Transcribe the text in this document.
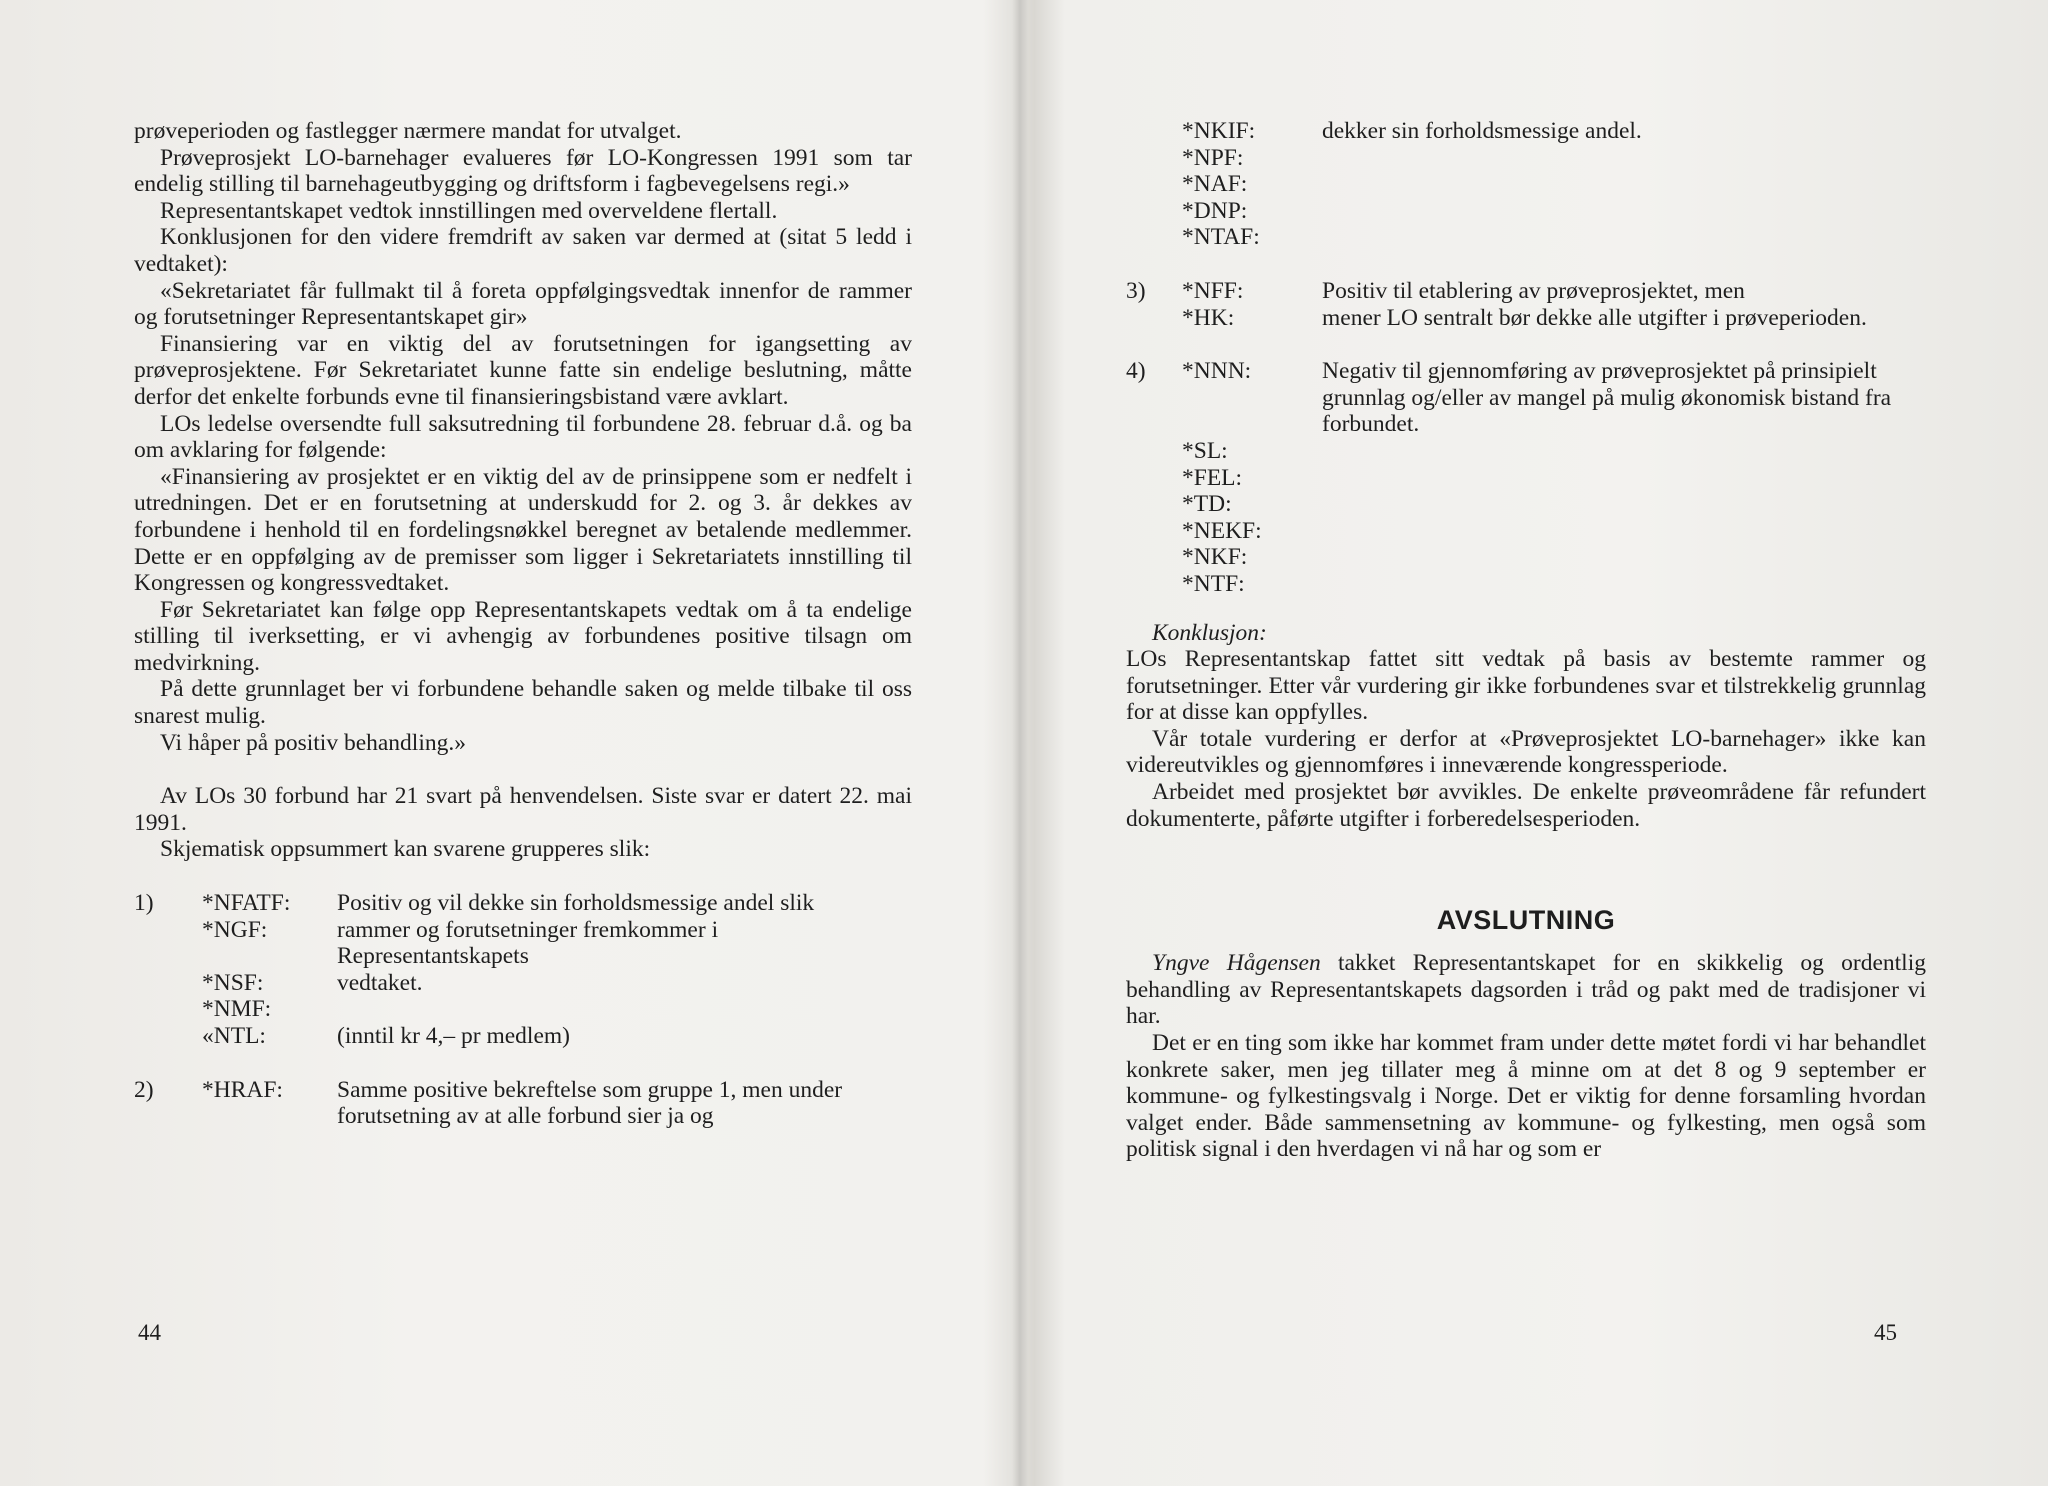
prøveperioden og fastlegger nærmere mandat for utvalget.

Prøveprosjekt LO-barnehager evalueres før LO-Kongressen 1991 som tar endelig stilling til barnehageutbygging og driftsform i fagbevegelsens regi.»

Representantskapet vedtok innstillingen med overveldene flertall.

Konklusjonen for den videre fremdrift av saken var dermed at (sitat 5 ledd i vedtaket):

«Sekretariatet får fullmakt til å foreta oppfølgingsvedtak innenfor de rammer og forutsetninger Representantskapet gir»

Finansiering var en viktig del av forutsetningen for igangsetting av prøveprosjektene. Før Sekretariatet kunne fatte sin endelige beslutning, måtte derfor det enkelte forbunds evne til finansieringsbistand være avklart.

LOs ledelse oversendte full saksutredning til forbundene 28. februar d.å. og ba om avklaring for følgende:

«Finansiering av prosjektet er en viktig del av de prinsippene som er nedfelt i utredningen. Det er en forutsetning at underskudd for 2. og 3. år dekkes av forbundene i henhold til en fordelingsnøkkel beregnet av betalende medlemmer. Dette er en oppfølging av de premisser som ligger i Sekretariatets innstilling til Kongressen og kongressvedtaket.

Før Sekretariatet kan følge opp Representantskapets vedtak om å ta endelige stilling til iverksetting, er vi avhengig av forbundenes positive tilsagn om medvirkning.

På dette grunnlaget ber vi forbundene behandle saken og melde tilbake til oss snarest mulig.

Vi håper på positiv behandling.»

Av LOs 30 forbund har 21 svart på henvendelsen. Siste svar er datert 22. mai 1991.

Skjematisk oppsummert kan svarene grupperes slik:

1)	*NFATF:	Positiv og vil dekke sin forholdsmessige andel slik
*NGF:	rammer og forutsetninger fremkommer i Representantskapets
*NSF:	vedtaket.
*NMF:
«NTL:	(inntil kr 4,– pr medlem)
2)	*HRAF:	Samme positive bekreftelse som gruppe 1, men under forutsetning av at alle forbund sier ja og
44
*NKIF:	dekker sin forholdsmessige andel.
*NPF:
*NAF:
*DNP:
*NTAF:
3)	*NFF:	Positiv til etablering av prøveprosjektet, men
*HK:	mener LO sentralt bør dekke alle utgifter i prøveperioden.
4)	*NNN:	Negativ til gjennomføring av prøveprosjektet på prinsipielt grunnlag og/eller av mangel på mulig økonomisk bistand fra forbundet.
*SL:
*FEL:
*TD:
*NEKF:
*NKF:
*NTF:

Konklusjon:

LOs Representantskap fattet sitt vedtak på basis av bestemte rammer og forutsetninger. Etter vår vurdering gir ikke forbundenes svar et tilstrekkelig grunnlag for at disse kan oppfylles.

Vår totale vurdering er derfor at «Prøveprosjektet LO-barnehager» ikke kan videreutvikles og gjennomføres i inneværende kongressperiode.

Arbeidet med prosjektet bør avvikles. De enkelte prøveområdene får refundert dokumenterte, påførte utgifter i forberedelsesperioden.

AVSLUTNING

Yngve Hågensen takket Representantskapet for en skikkelig og ordentlig behandling av Representantskapets dagsorden i tråd og pakt med de tradisjoner vi har.

Det er en ting som ikke har kommet fram under dette møtet fordi vi har behandlet konkrete saker, men jeg tillater meg å minne om at det 8 og 9 september er kommune- og fylkestingsvalg i Norge. Det er viktig for denne forsamling hvordan valget ender. Både sammensetning av kommune- og fylkesting, men også som politisk signal i den hverdagen vi nå har og som er

45
